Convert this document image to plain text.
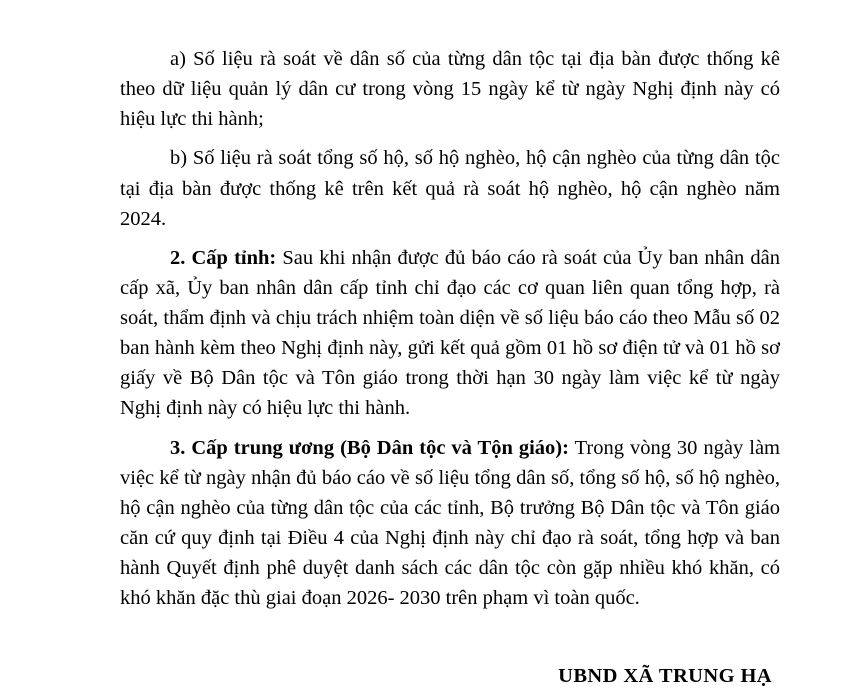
a) Số liệu rà soát về dân số của từng dân tộc tại địa bàn được thống kê theo dữ liệu quản lý dân cư trong vòng 15 ngày kể từ ngày Nghị định này có hiệu lực thi hành;

b) Số liệu rà soát tổng số hộ, số hộ nghèo, hộ cận nghèo của từng dân tộc tại địa bàn được thống kê trên kết quả rà soát hộ nghèo, hộ cận nghèo năm 2024.

2. Cấp tỉnh: Sau khi nhận được đủ báo cáo rà soát của Ủy ban nhân dân cấp xã, Ủy ban nhân dân cấp tỉnh chỉ đạo các cơ quan liên quan tổng hợp, rà soát, thẩm định và chịu trách nhiệm toàn diện về số liệu báo cáo theo Mẫu số 02 ban hành kèm theo Nghị định này, gửi kết quả gồm 01 hồ sơ điện tử và 01 hồ sơ giấy về Bộ Dân tộc và Tôn giáo trong thời hạn 30 ngày làm việc kể từ ngày Nghị định này có hiệu lực thi hành.

3. Cấp trung ương (Bộ Dân tộc và Tộn giáo): Trong vòng 30 ngày làm việc kể từ ngày nhận đủ báo cáo về số liệu tổng dân số, tổng số hộ, số hộ nghèo, hộ cận nghèo của từng dân tộc của các tỉnh, Bộ trưởng Bộ Dân tộc và Tôn giáo căn cứ quy định tại Điều 4 của Nghị định này chỉ đạo rà soát, tổng hợp và ban hành Quyết định phê duyệt danh sách các dân tộc còn gặp nhiều khó khăn, có khó khăn đặc thù giai đoạn 2026- 2030 trên phạm vì toàn quốc.

UBND XÃ TRUNG HẠ
